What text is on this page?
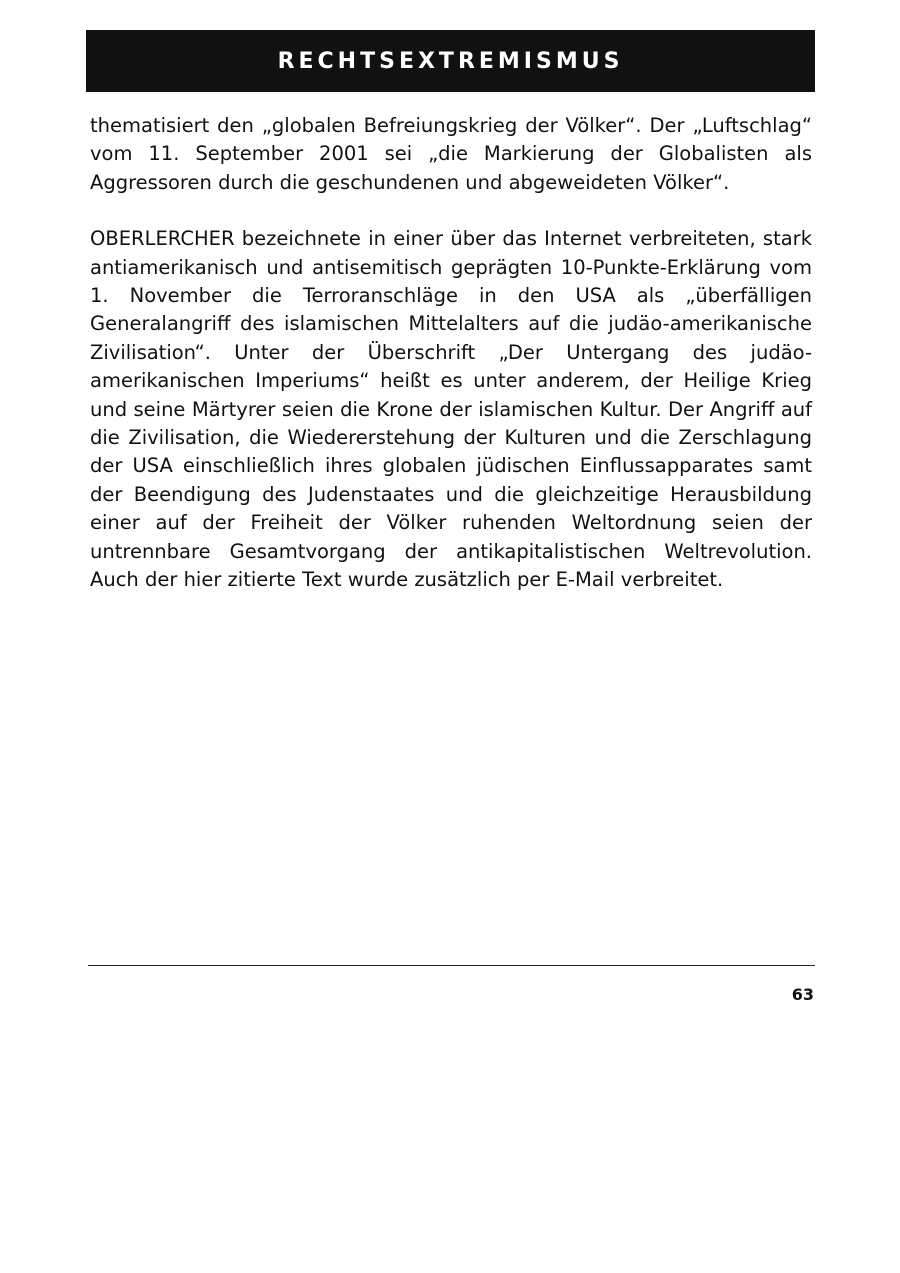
RECHTSEXTREMISMUS

thematisiert den „globalen Befreiungskrieg der Völker“. Der „Luftschlag“ vom 11. September 2001 sei „die Markierung der Globalisten als Aggressoren durch die geschundenen und abgeweideten Völker“.

OBERLERCHER bezeichnete in einer über das Internet verbreiteten, stark antiamerikanisch und antisemitisch geprägten 10-Punkte-Erklärung vom 1. November die Terroranschläge in den USA als „überfälligen Generalangriff des islamischen Mittelalters auf die judäo-amerikanische Zivilisation“. Unter der Überschrift „Der Untergang des judäo-amerikanischen Imperiums“ heißt es unter anderem, der Heilige Krieg und seine Märtyrer seien die Krone der islamischen Kultur. Der Angriff auf die Zivilisation, die Wiedererstehung der Kulturen und die Zerschlagung der USA einschließlich ihres globalen jüdischen Einflussapparates samt der Beendigung des Judenstaates und die gleichzeitige Herausbildung einer auf der Freiheit der Völker ruhenden Weltordnung seien der untrennbare Gesamtvorgang der antikapitalistischen Weltrevolution. Auch der hier zitierte Text wurde zusätzlich per E-Mail verbreitet.

63
